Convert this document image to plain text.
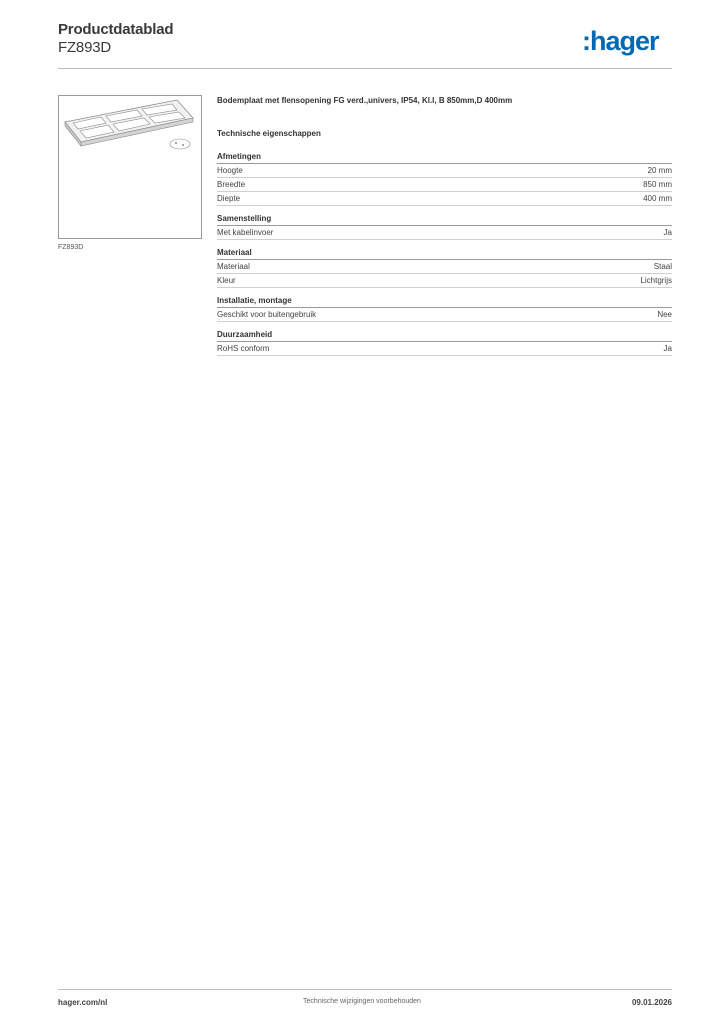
Productdatablad
FZ893D	:hager
FZ893D
Bodemplaat met flensopening FG verd.,univers, IP54, Kl.I, B 850mm,D 400mm
Technische eigenschappen
Afmetingen
Hoogte	20 mm
Breedte	850 mm
Diepte	400 mm
Samenstelling
Met kabelinvoer	Ja
Materiaal
Materiaal	Staal
Kleur	Lichtgrijs
Installatie, montage
Geschikt voor buitengebruik	Nee
Duurzaamheid
RoHS conform	Ja
hager.com/nl	Technische wijzigingen voorbehouden	09.01.2026
